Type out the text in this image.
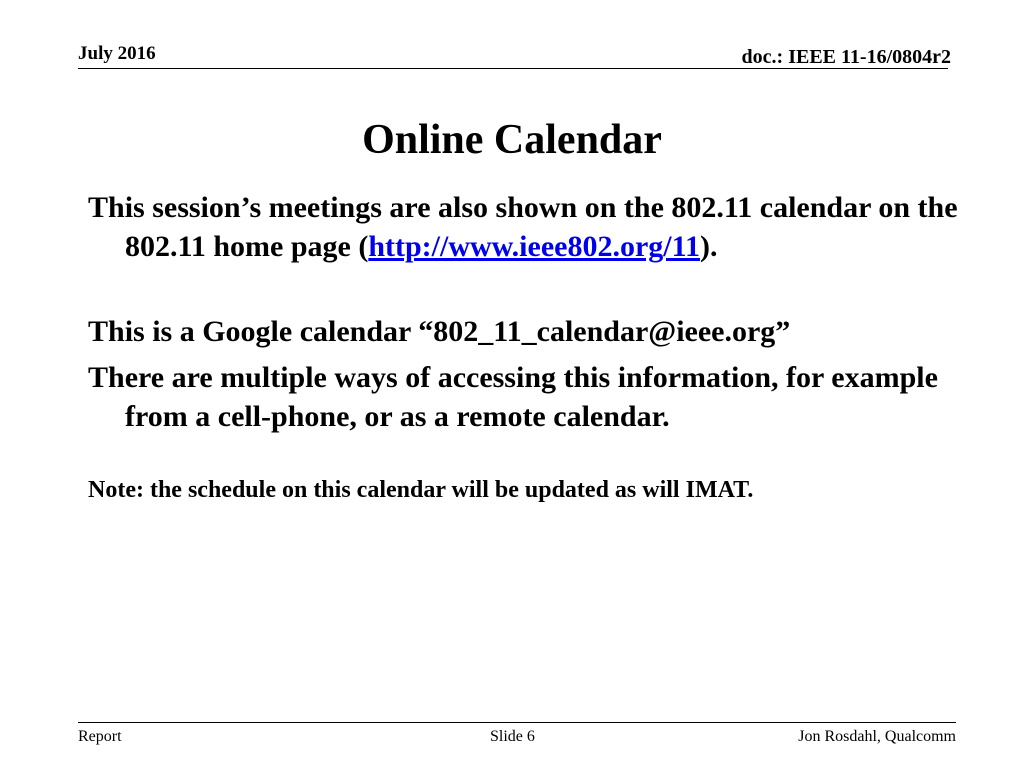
July 2016	doc.: IEEE 11-16/0804r2
Online Calendar
This session’s meetings are also shown on the 802.11 calendar on the 802.11 home page (http://www.ieee802.org/11).
This is a Google calendar “802_11_calendar@ieee.org”
There are multiple ways of accessing this information, for example from a cell-phone, or as a remote calendar.
Note: the schedule on this calendar will be updated as will IMAT.
Report	Slide 6	Jon Rosdahl, Qualcomm
